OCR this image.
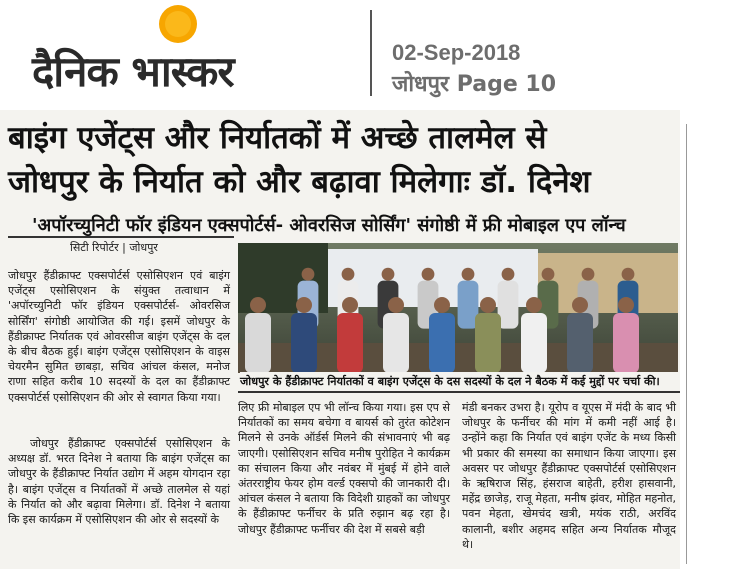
दैनिक भास्कर	02-Sep-2018
जोधपुर Page 10
बाइंग एजेंट्स और निर्यातकों में अच्छे तालमेल से
जोधपुर के निर्यात को और बढ़ावा मिलेगाः डॉ. दिनेश
'अपॉरच्युनिटी फॉर इंडियन एक्सपोर्टर्स- ओवरसिज सोर्सिंग' संगोष्ठी में फ्री मोबाइल एप लॉन्च
सिटी रिपोर्टर | जोधपुर

जोधपुर हैंडीक्राफ्ट एक्सपोर्टर्स एसोसिएशन एवं बाइंग एजेंट्स एसोसिएशन के संयुक्त तत्वाधान में 'अपॉरच्युनिटी फॉर इंडियन एक्सपोर्टर्स- ओवरसिज सोर्सिंग' संगोष्ठी आयोजित की गई। इसमें जोधपुर के हैंडीक्राफ्ट निर्यातक एवं ओवरसीज बाइंग एजेंट्स के दल के बीच बैठक हुई। बाइंग एजेंट्स एसोसिएशन के वाइस चेयरमैन सुमित छाबड़ा, सचिव आंचल कंसल, मनोज राणा सहित करीब 10 सदस्यों के दल का हैंडीक्राफ्ट एक्सपोर्टर्स एसोसिएशन की ओर से स्वागत किया गया।

जोधपुर हैंडीक्राफ्ट एक्सपोर्टर्स एसोसिएशन के अध्यक्ष डॉ. भरत दिनेश ने बताया कि बाइंग एजेंट्स का जोधपुर के हैंडीक्राफ्ट निर्यात उद्योग में अहम योगदान रहा है। बाइंग एजेंट्स व निर्यातकों में अच्छे तालमेल से यहां के निर्यात को और बढ़ावा मिलेगा। डॉ. दिनेश ने बताया कि इस कार्यक्रम में एसोसिएशन की ओर से सदस्यों के

जोधपुर के हैंडीक्राफ्ट निर्यातकों व बाइंग एजेंट्स के दस सदस्यों के दल ने बैठक में कई मुद्दों पर चर्चा की।

लिए फ्री मोबाइल एप भी लॉन्च किया गया। इस एप से निर्यातकों का समय बचेगा व बायर्स को तुरंत कोटेशन मिलने से उनके ऑर्डर्स मिलने की संभावनाएं भी बढ़ जाएगी। एसोसिएशन सचिव मनीष पुरोहित ने कार्यक्रम का संचालन किया और नवंबर में मुंबई में होने वाले अंतरराष्ट्रीय फेयर होम वर्ल्ड एक्सपो की जानकारी दी। आंचल कंसल ने बताया कि विदेशी ग्राहकों का जोधपुर के हैंडीक्राफ्ट फर्नीचर के प्रति रुझान बढ़ रहा है। जोधपुर हैंडीक्राफ्ट फर्नीचर की देश में सबसे बड़ी

मंडी बनकर उभरा है। यूरोप व यूएस में मंदी के बाद भी जोधपुर के फर्नीचर की मांग में कमी नहीं आई है। उन्होंने कहा कि निर्यात एवं बाइंग एजेंट के मध्य किसी भी प्रकार की समस्या का समाधान किया जाएगा। इस अवसर पर जोधपुर हैंडीक्राफ्ट एक्सपोर्टर्स एसोसिएशन के ऋषिराज सिंह, हंसराज बाहेती, हरीश हासवानी, महेंद्र छाजेड़, राजू मेहता, मनीष झंवर, मोहित महनोत, पवन मेहता, खेमचंद खत्री, मयंक राठी, अरविंद कालानी, बशीर अहमद सहित अन्य निर्यातक मौजूद थे।
